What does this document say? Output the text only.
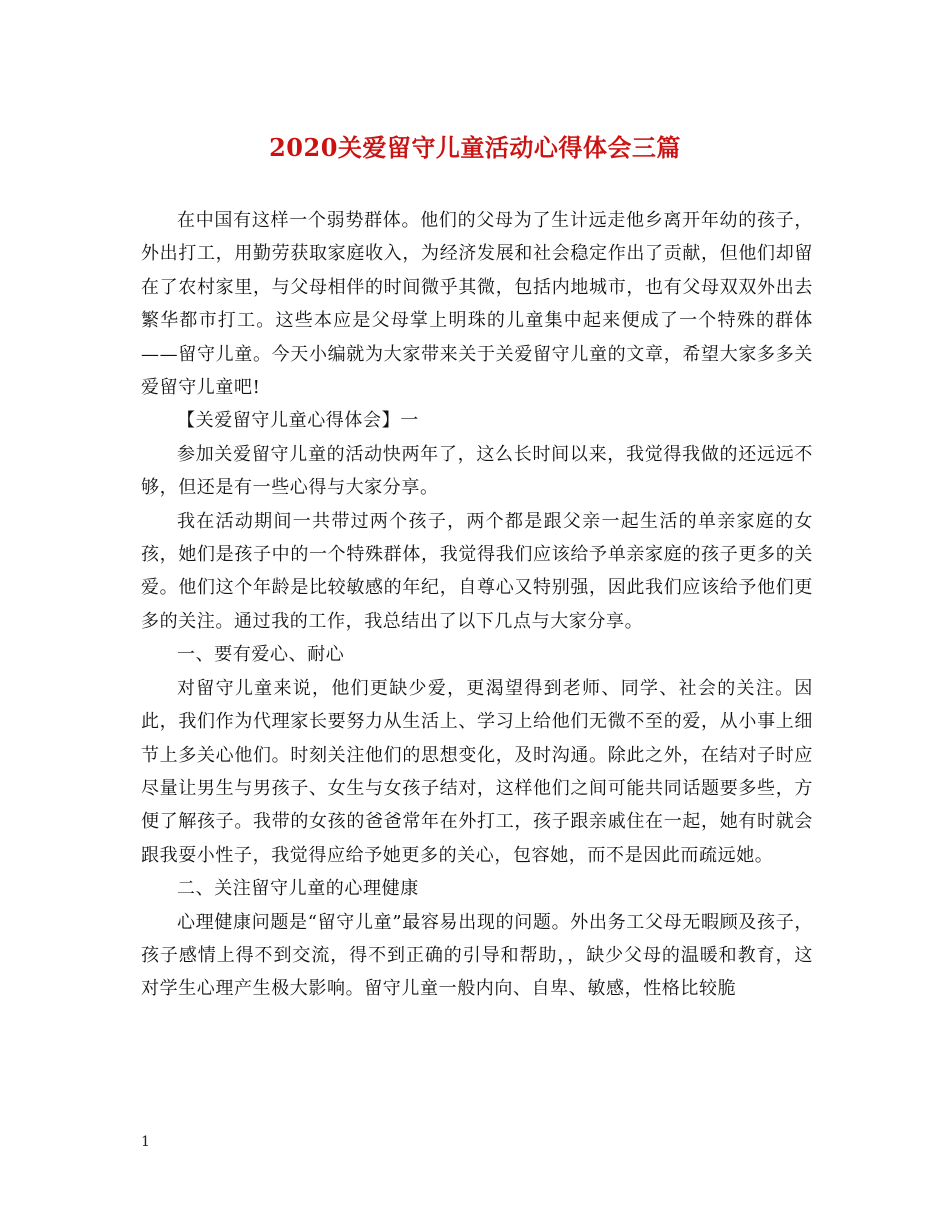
2020关爱留守儿童活动心得体会三篇

在中国有这样一个弱势群体。他们的父母为了生计远走他乡离开年幼的孩子，外出打工，用勤劳获取家庭收入，为经济发展和社会稳定作出了贡献，但他们却留在了农村家里，与父母相伴的时间微乎其微，包括内地城市，也有父母双双外出去繁华都市打工。这些本应是父母掌上明珠的儿童集中起来便成了一个特殊的群体——留守儿童。今天小编就为大家带来关于关爱留守儿童的文章，希望大家多多关爱留守儿童吧!

【关爱留守儿童心得体会】一

参加关爱留守儿童的活动快两年了，这么长时间以来，我觉得我做的还远远不够，但还是有一些心得与大家分享。

我在活动期间一共带过两个孩子，两个都是跟父亲一起生活的单亲家庭的女孩，她们是孩子中的一个特殊群体，我觉得我们应该给予单亲家庭的孩子更多的关爱。他们这个年龄是比较敏感的年纪，自尊心又特别强，因此我们应该给予他们更多的关注。通过我的工作，我总结出了以下几点与大家分享。

一、要有爱心、耐心

对留守儿童来说，他们更缺少爱，更渴望得到老师、同学、社会的关注。因此，我们作为代理家长要努力从生活上、学习上给他们无微不至的爱，从小事上细节上多关心他们。时刻关注他们的思想变化，及时沟通。除此之外，在结对子时应尽量让男生与男孩子、女生与女孩子结对，这样他们之间可能共同话题要多些，方便了解孩子。我带的女孩的爸爸常年在外打工，孩子跟亲戚住在一起，她有时就会跟我耍小性子，我觉得应给予她更多的关心，包容她，而不是因此而疏远她。

二、关注留守儿童的心理健康

心理健康问题是“留守儿童”最容易出现的问题。外出务工父母无暇顾及孩子，孩子感情上得不到交流，得不到正确的引导和帮助，，缺少父母的温暖和教育，这对学生心理产生极大影响。留守儿童一般内向、自卑、敏感，性格比较脆

1
